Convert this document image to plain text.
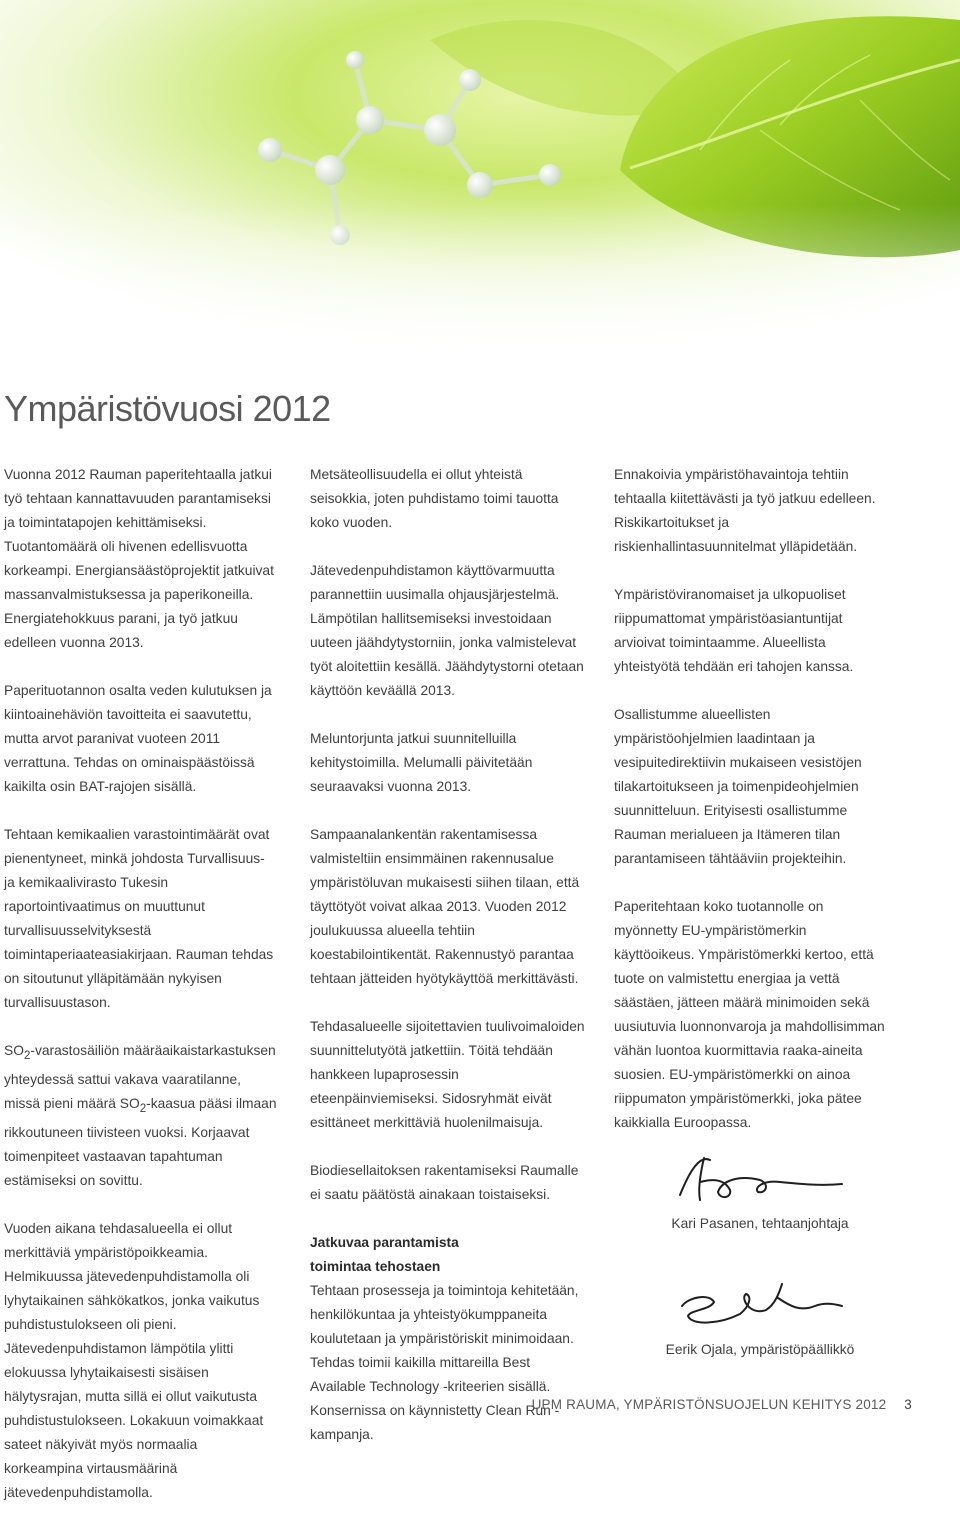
Ympäristövuosi 2012

Vuonna 2012 Rauman paperitehtaalla jatkui työ tehtaan kannattavuuden parantamiseksi ja toimintatapojen kehittämiseksi. Tuotantomäärä oli hivenen edellisvuotta korkeampi. Energiansäästöprojektit jatkuivat massanvalmistuksessa ja paperikoneilla. Energiatehokkuus parani, ja työ jatkuu edelleen vuonna 2013.

Paperituotannon osalta veden kulutuksen ja kiintoainehäviön tavoitteita ei saavutettu, mutta arvot paranivat vuoteen 2011 verrattuna. Tehdas on ominaispäästöissä kaikilta osin BAT-rajojen sisällä.

Tehtaan kemikaalien varastointimäärät ovat pienentyneet, minkä johdosta Turvallisuus- ja kemikaalivirasto Tukesin raportointivaatimus on muuttunut turvallisuusselvityksestä toimintaperiaateasiakirjaan. Rauman tehdas on sitoutunut ylläpitämään nykyisen turvallisuustason.

$SO_2$-varastosäiliön määräaikaistarkastuksen yhteydessä sattui vakava vaaratilanne, missä pieni määrä $SO_2$-kaasua pääsi ilmaan rikkoutuneen tiivisteen vuoksi. Korjaavat toimenpiteet vastaavan tapahtuman estämiseksi on sovittu.

Vuoden aikana tehdasalueella ei ollut merkittäviä ympäristöpoikkeamia. Helmikuussa jätevedenpuhdistamolla oli lyhytaikainen sähkökatkos, jonka vaikutus puhdistustulokseen oli pieni. Jätevedenpuhdistamon lämpötila ylitti elokuussa lyhytaikaisesti sisäisen hälytysrajan, mutta sillä ei ollut vaikutusta puhdistustulokseen. Lokakuun voimakkaat sateet näkyivät myös normaalia korkeampina virtausmäärinä jätevedenpuhdistamolla.

Metsäteollisuudella ei ollut yhteistä seisokkia, joten puhdistamo toimi tauotta koko vuoden.

Jätevedenpuhdistamon käyttövarmuutta parannettiin uusimalla ohjausjärjestelmä. Lämpötilan hallitsemiseksi investoidaan uuteen jäähdytystorniin, jonka valmistelevat työt aloitettiin kesällä. Jäähdytystorni otetaan käyttöön keväällä 2013.

Meluntorjunta jatkui suunnitelluilla kehitystoimilla. Melumalli päivitetään seuraavaksi vuonna 2013.

Sampaanalankentän rakentamisessa valmisteltiin ensimmäinen rakennusalue ympäristöluvan mukaisesti siihen tilaan, että täyttötyöt voivat alkaa 2013. Vuoden 2012 joulukuussa alueella tehtiin koestabilointikentät. Rakennustyö parantaa tehtaan jätteiden hyötykäyttöä merkittävästi.

Tehdasalueelle sijoitettavien tuulivoimaloiden suunnittelutyötä jatkettiin. Töitä tehdään hankkeen lupaprosessin eteenpäinviemiseksi. Sidosryhmät eivät esittäneet merkittäviä huolenilmaisuja.

Biodiesellaitoksen rakentamiseksi Raumalle ei saatu päätöstä ainakaan toistaiseksi.

Jatkuvaa parantamista
toimintaa tehostaen
Tehtaan prosesseja ja toimintoja kehitetään, henkilökuntaa ja yhteistyökumppaneita koulutetaan ja ympäristöriskit minimoidaan. Tehdas toimii kaikilla mittareilla Best Available Technology -kriteerien sisällä. Konsernissa on käynnistetty Clean Run -kampanja.

Ennakoivia ympäristöhavaintoja tehtiin tehtaalla kiitettävästi ja työ jatkuu edelleen. Riskikartoitukset ja riskienhallintasuunnitelmat ylläpidetään.

Ympäristöviranomaiset ja ulkopuoliset riippumattomat ympäristöasiantuntijat arvioivat toimintaamme. Alueellista yhteistyötä tehdään eri tahojen kanssa.

Osallistumme alueellisten ympäristöohjelmien laadintaan ja vesipuitedirektiivin mukaiseen vesistöjen tilakartoitukseen ja toimenpideohjelmien suunnitteluun. Erityisesti osallistumme Rauman merialueen ja Itämeren tilan parantamiseen tähtääviin projekteihin.

Paperitehtaan koko tuotannolle on myönnetty EU-ympäristömerkin käyttöoikeus. Ympäristömerkki kertoo, että tuote on valmistettu energiaa ja vettä säästäen, jätteen määrä minimoiden sekä uusiutuvia luonnonvaroja ja mahdollisimman vähän luontoa kuormittavia raaka-aineita suosien. EU-ympäristömerkki on ainoa riippumaton ympäristömerkki, joka pätee kaikkialla Euroopassa.

Kari Pasanen, tehtaanjohtaja
Eerik Ojala, ympäristöpäällikkö
UPM RAUMA, YMPÄRISTÖNSUOJELUN KEHITYS 2012 3
